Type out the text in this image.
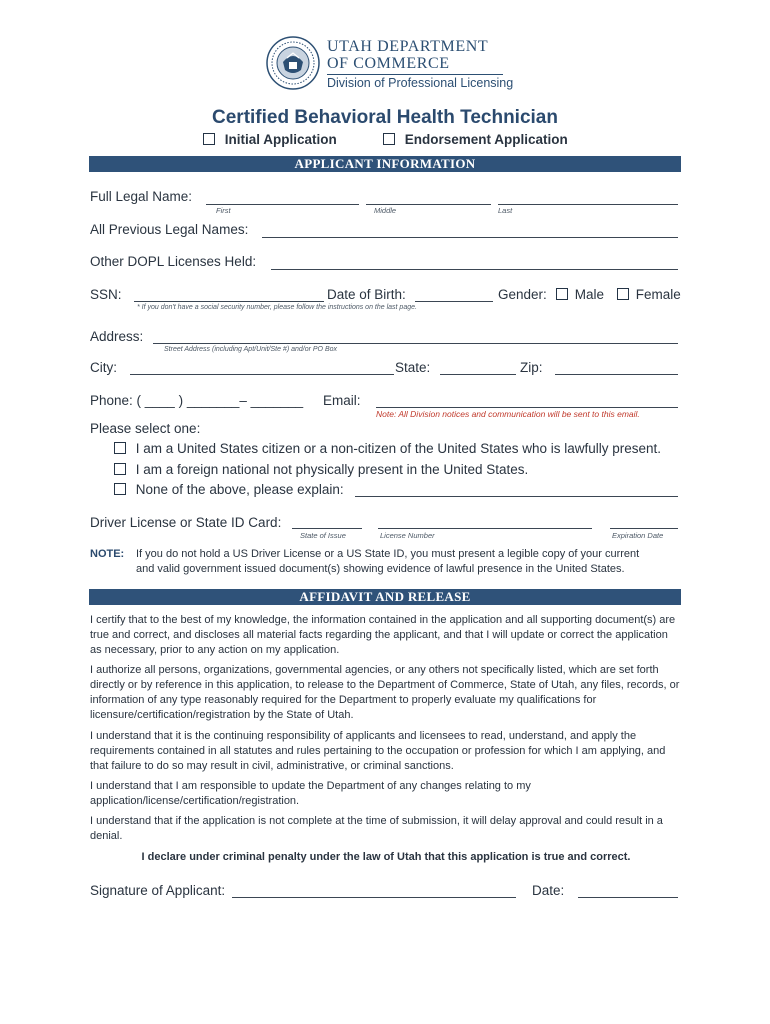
UTAH DEPARTMENT
OF COMMERCE
Division of Professional Licensing
Certified Behavioral Health Technician
Initial Application	Endorsement Application
APPLICANT INFORMATION
Full Legal Name:
First	Middle	Last
All Previous Legal Names:
Other DOPL Licenses Held:
SSN:	Date of Birth:	Gender:	Male	Female
* If you don't have a social security number, please follow the instructions on the last page.
Address:
Street Address (including Apt/Unit/Ste #) and/or PO Box
City:	State:	Zip:
Phone: ( ____ ) _______– _______ Email:
Note: All Division notices and communication will be sent to this email.
Please select one:
I am a United States citizen or a non-citizen of the United States who is lawfully present.
I am a foreign national not physically present in the United States.
None of the above, please explain:
Driver License or State ID Card:
State of Issue	License Number	Expiration Date
NOTE: If you do not hold a US Driver License or a US State ID, you must present a legible copy of your current
and valid government issued document(s) showing evidence of lawful presence in the United States.
AFFIDAVIT AND RELEASE

I certify that to the best of my knowledge, the information contained in the application and all supporting document(s) are true and correct, and discloses all material facts regarding the applicant, and that I will update or correct the application as necessary, prior to any action on my application.

I authorize all persons, organizations, governmental agencies, or any others not specifically listed, which are set forth directly or by reference in this application, to release to the Department of Commerce, State of Utah, any files, records, or information of any type reasonably required for the Department to properly evaluate my qualifications for licensure/certification/registration by the State of Utah.

I understand that it is the continuing responsibility of applicants and licensees to read, understand, and apply the requirements contained in all statutes and rules pertaining to the occupation or profession for which I am applying, and that failure to do so may result in civil, administrative, or criminal sanctions.

I understand that I am responsible to update the Department of any changes relating to my application/license/certification/registration.

I understand that if the application is not complete at the time of submission, it will delay approval and could result in a denial.

I declare under criminal penalty under the law of Utah that this application is true and correct.
Signature of Applicant:	Date:
